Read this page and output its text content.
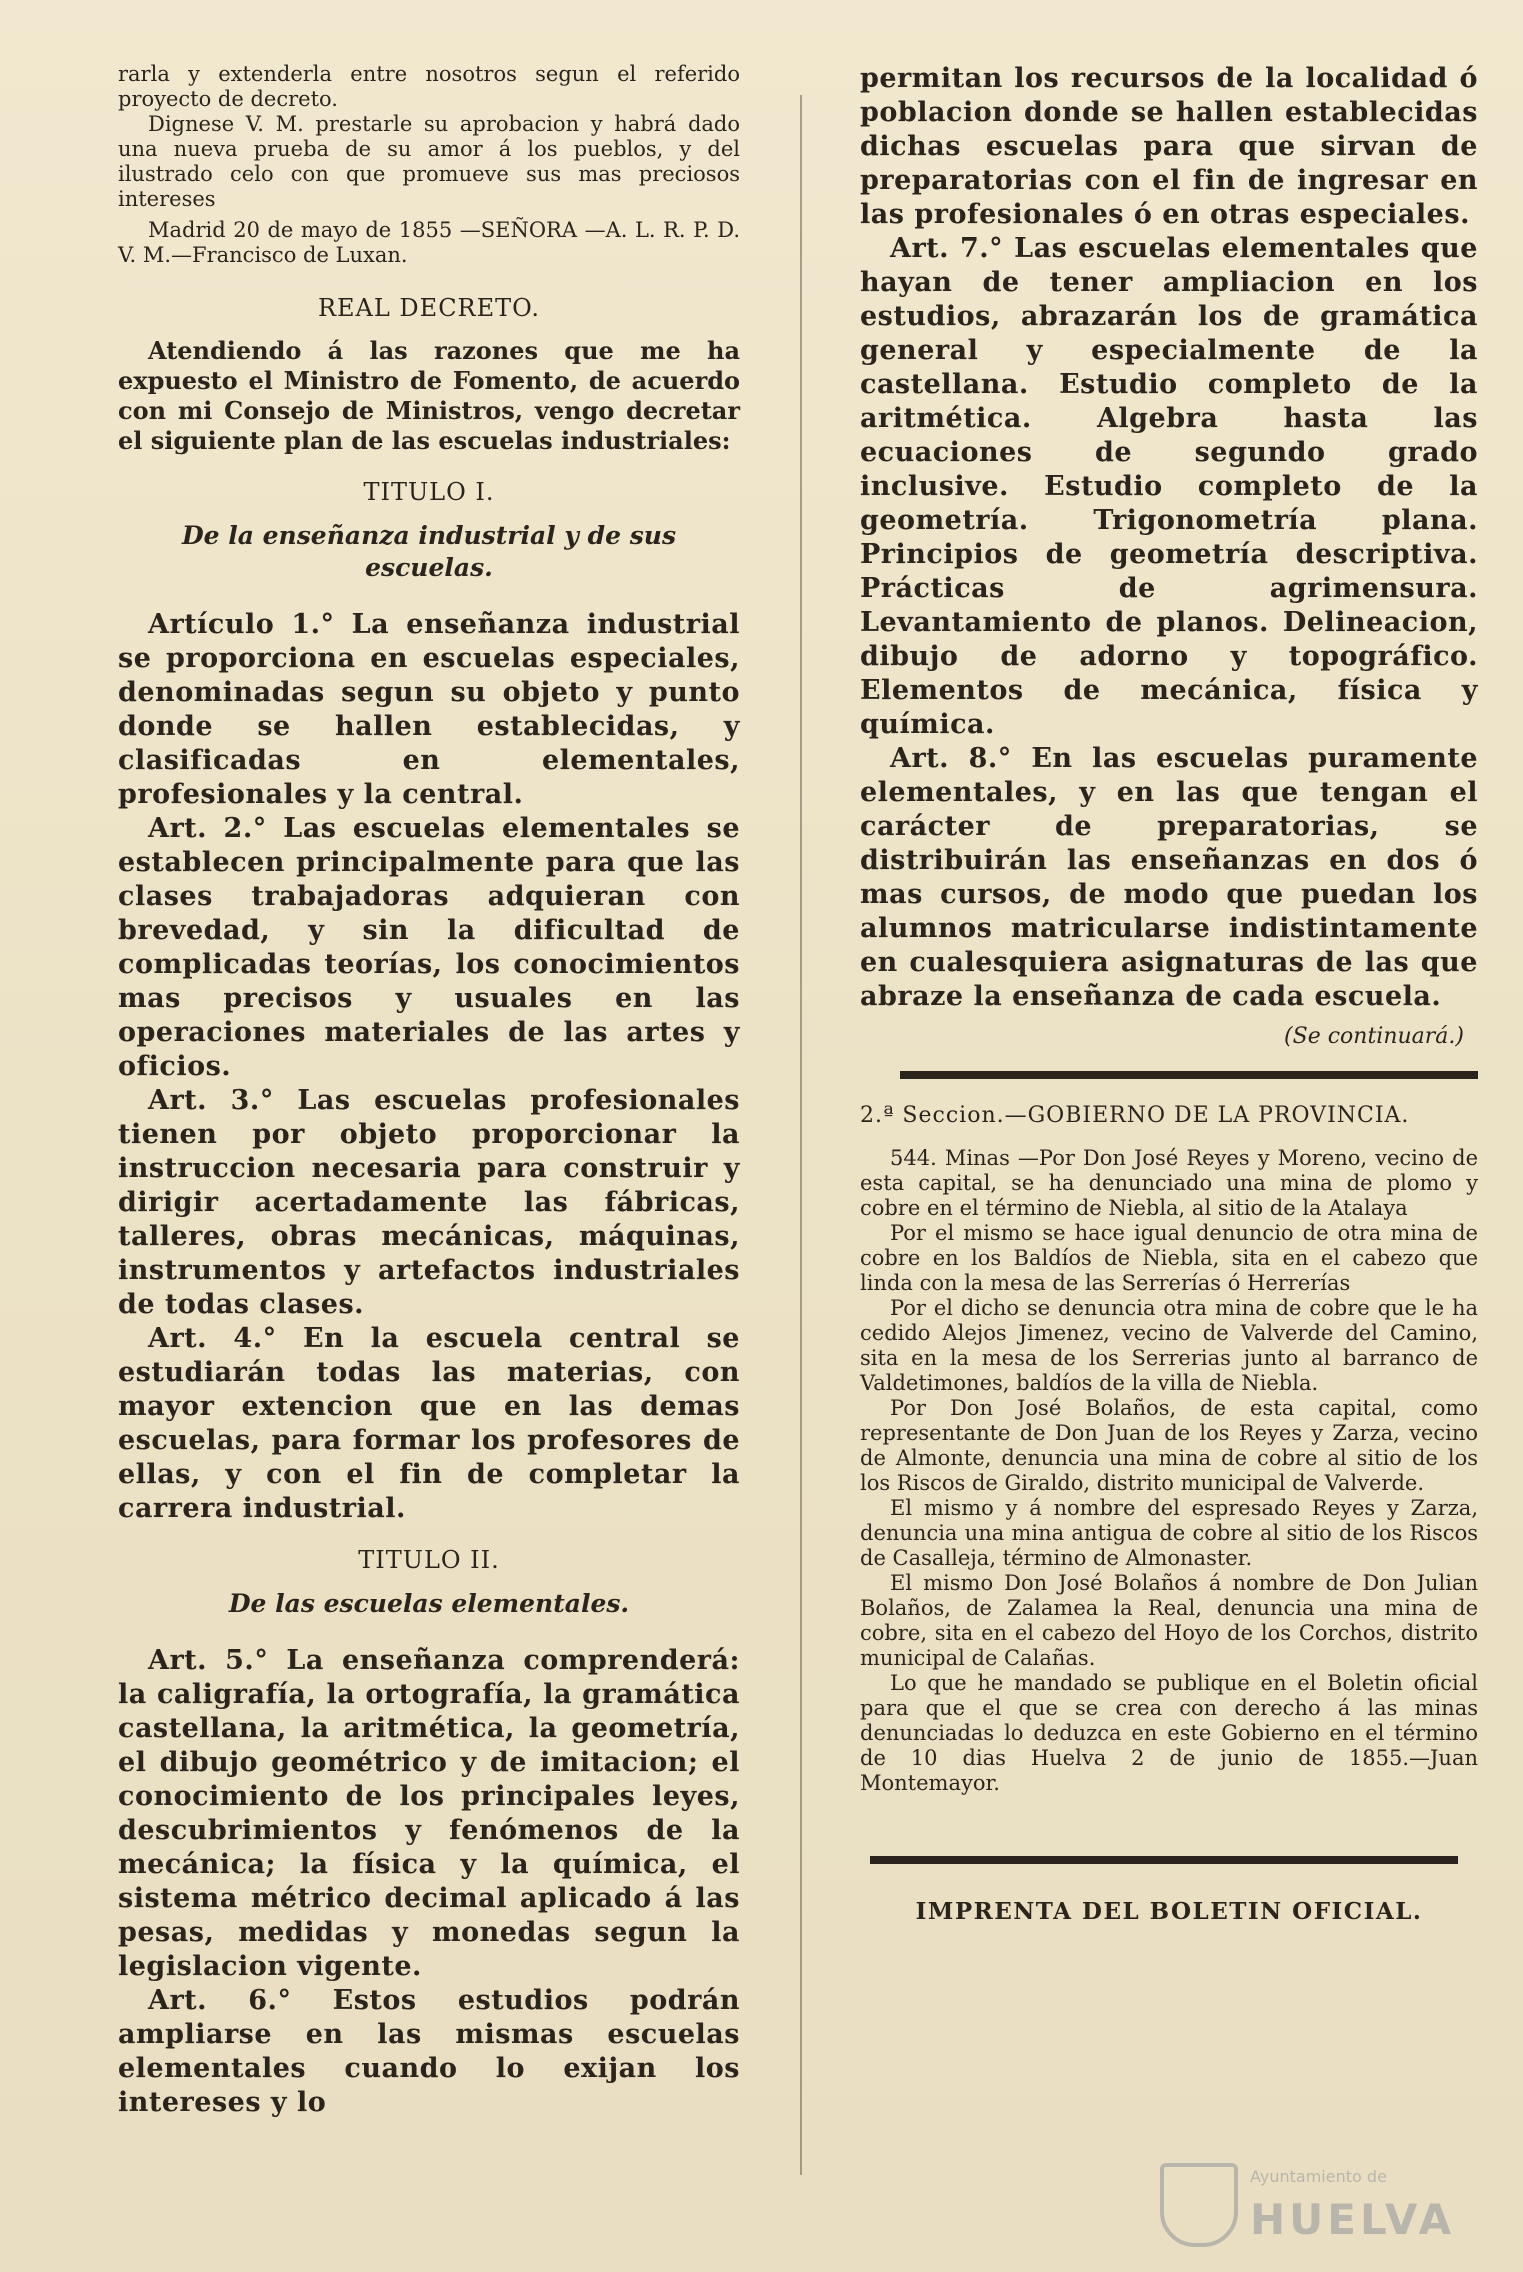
rarla y extenderla entre nosotros segun el referido proyecto de decreto.

Dignese V. M. prestarle su aprobacion y habrá dado una nueva prueba de su amor á los pueblos, y del ilustrado celo con que promueve sus mas preciosos intereses

Madrid 20 de mayo de 1855 —SEÑORA —A. L. R. P. D. V. M.—Francisco de Luxan.

REAL DECRETO.

Atendiendo á las razones que me ha expuesto el Ministro de Fomento, de acuerdo con mi Consejo de Ministros, vengo decretar el siguiente plan de las escuelas industriales:

TITULO I.
De la enseñanza industrial y de sus escuelas.

Artículo 1.° La enseñanza industrial se proporciona en escuelas especiales, denominadas segun su objeto y punto donde se hallen establecidas, y clasificadas en elementales, profesionales y la central.

Art. 2.° Las escuelas elementales se establecen principalmente para que las clases trabajadoras adquieran con brevedad, y sin la dificultad de complicadas teorías, los conocimientos mas precisos y usuales en las operaciones materiales de las artes y oficios.

Art. 3.° Las escuelas profesionales tienen por objeto proporcionar la instruccion necesaria para construir y dirigir acertadamente las fábricas, talleres, obras mecánicas, máquinas, instrumentos y artefactos industriales de todas clases.

Art. 4.° En la escuela central se estudiarán todas las materias, con mayor extencion que en las demas escuelas, para formar los profesores de ellas, y con el fin de completar la carrera industrial.

TITULO II.
De las escuelas elementales.

Art. 5.° La enseñanza comprenderá: la caligrafía, la ortografía, la gramática castellana, la aritmética, la geometría, el dibujo geométrico y de imitacion; el conocimiento de los principales leyes, descubrimientos y fenómenos de la mecánica; la física y la química, el sistema métrico decimal aplicado á las pesas, medidas y monedas segun la legislacion vigente.

Art. 6.° Estos estudios podrán ampliarse en las mismas escuelas elementales cuando lo exijan los intereses y lo

permitan los recursos de la localidad ó poblacion donde se hallen establecidas dichas escuelas para que sirvan de preparatorias con el fin de ingresar en las profesionales ó en otras especiales.

Art. 7.° Las escuelas elementales que hayan de tener ampliacion en los estudios, abrazarán los de gramática general y especialmente de la castellana. Estudio completo de la aritmética. Algebra hasta las ecuaciones de segundo grado inclusive. Estudio completo de la geometría. Trigonometría plana. Principios de geometría descriptiva. Prácticas de agrimensura. Levantamiento de planos. Delineacion, dibujo de adorno y topográfico. Elementos de mecánica, física y química.

Art. 8.° En las escuelas puramente elementales, y en las que tengan el carácter de preparatorias, se distribuirán las enseñanzas en dos ó mas cursos, de modo que puedan los alumnos matricularse indistintamente en cualesquiera asignaturas de las que abraze la enseñanza de cada escuela.

(Se continuará.)
2.ª Seccion.—GOBIERNO DE LA PROVINCIA.

544. Minas —Por Don José Reyes y Moreno, vecino de esta capital, se ha denunciado una mina de plomo y cobre en el término de Niebla, al sitio de la Atalaya

Por el mismo se hace igual denuncio de otra mina de cobre en los Baldíos de Niebla, sita en el cabezo que linda con la mesa de las Serrerías ó Herrerías

Por el dicho se denuncia otra mina de cobre que le ha cedido Alejos Jimenez, vecino de Valverde del Camino, sita en la mesa de los Serrerias junto al barranco de Valdetimones, baldíos de la villa de Niebla.

Por Don José Bolaños, de esta capital, como representante de Don Juan de los Reyes y Zarza, vecino de Almonte, denuncia una mina de cobre al sitio de los los Riscos de Giraldo, distrito municipal de Valverde.

El mismo y á nombre del espresado Reyes y Zarza, denuncia una mina antigua de cobre al sitio de los Riscos de Casalleja, término de Almonaster.

El mismo Don José Bolaños á nombre de Don Julian Bolaños, de Zalamea la Real, denuncia una mina de cobre, sita en el cabezo del Hoyo de los Corchos, distrito municipal de Calañas.

Lo que he mandado se publique en el Boletin oficial para que el que se crea con derecho á las minas denunciadas lo deduzca en este Gobierno en el término de 10 dias Huelva 2 de junio de 1855.—Juan Montemayor.

IMPRENTA DEL BOLETIN OFICIAL.
Ayuntamiento de
HUELVA
